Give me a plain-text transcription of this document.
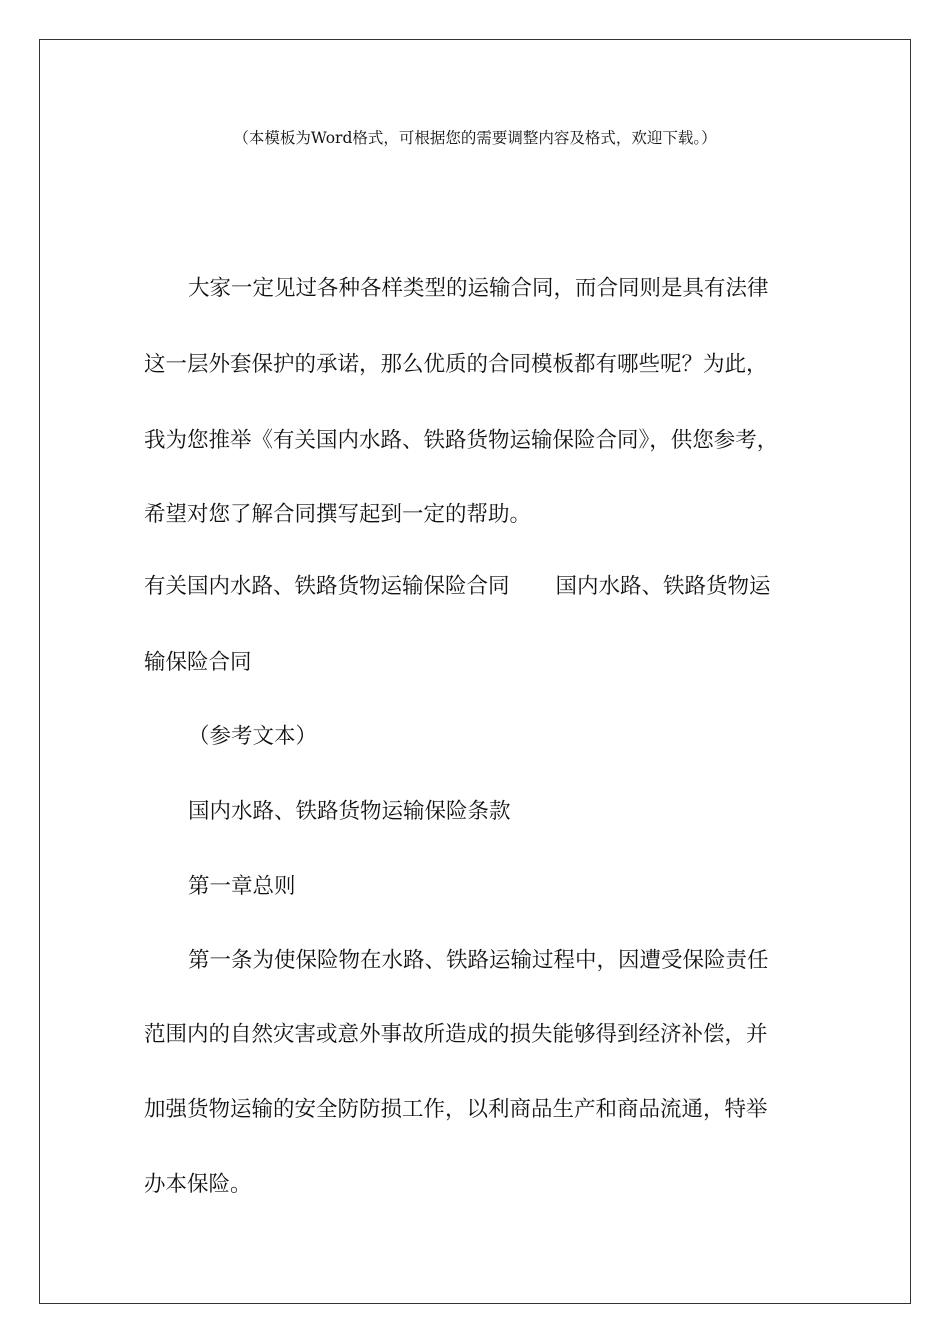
（本模板为Word格式，可根据您的需要调整内容及格式，欢迎下载。）
大家一定见过各种各样类型的运输合同，而合同则是具有法律
这一层外套保护的承诺，那么优质的合同模板都有哪些呢？为此，
我为您推举《有关国内水路、铁路货物运输保险合同》，供您参考，
希望对您了解合同撰写起到一定的帮助。
有关国内水路、铁路货物运输保险合同 国内水路、铁路货物运
输保险合同
（参考文本）
国内水路、铁路货物运输保险条款
第一章总则
第一条为使保险物在水路、铁路运输过程中，因遭受保险责任
范围内的自然灾害或意外事故所造成的损失能够得到经济补偿，并
加强货物运输的安全防防损工作，以利商品生产和商品流通，特举
办本保险。
